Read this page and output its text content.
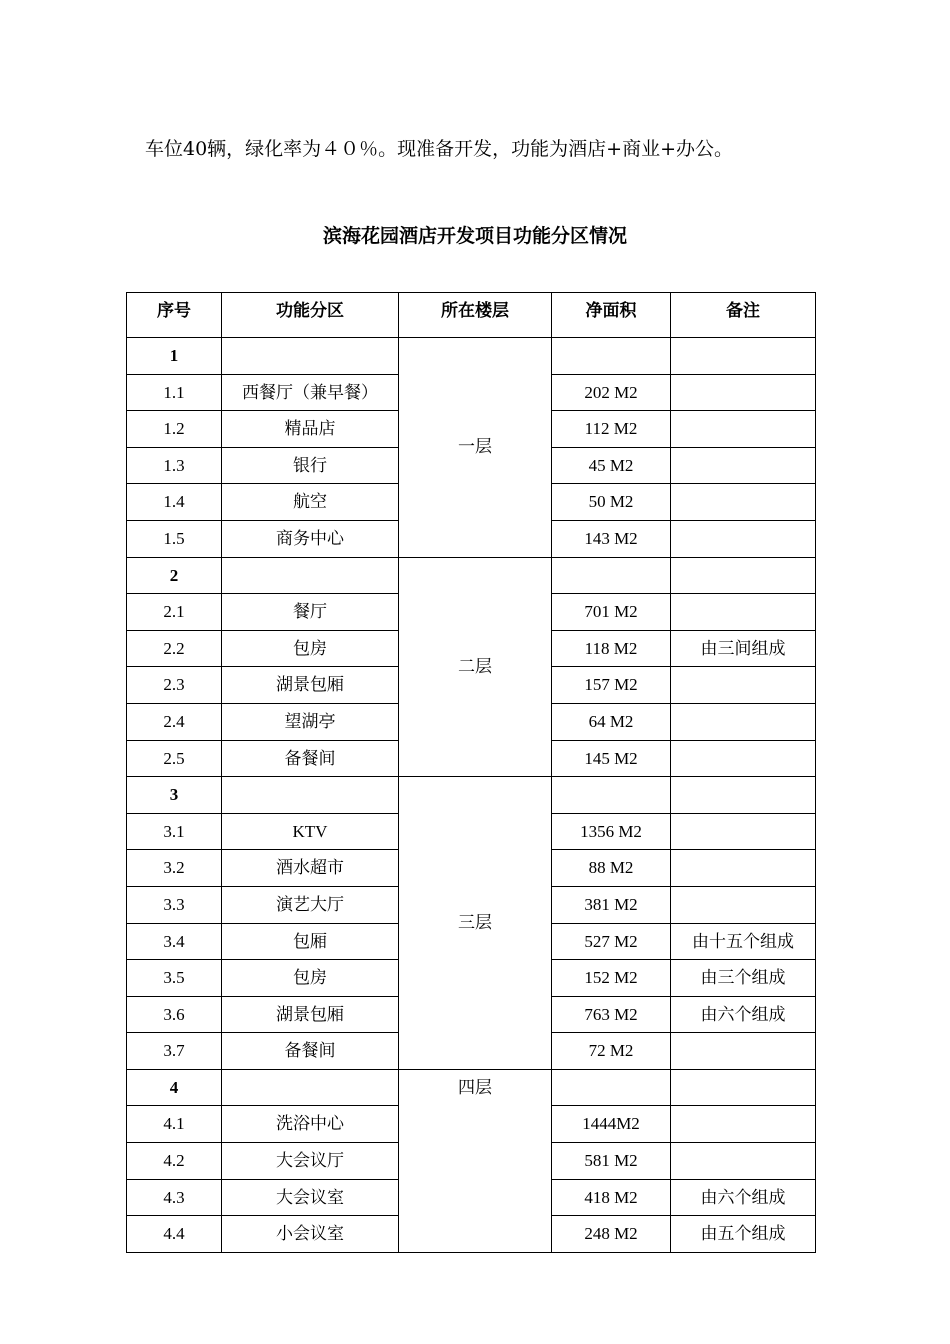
车位40辆，绿化率为４０％。现准备开发，功能为酒店+商业+办公。
滨海花园酒店开发项目功能分区情况
序号	功能分区	所在楼层	净面积	备注
1		一层		
1.1	西餐厅（兼早餐）		202 M2	
1.2	精品店		112 M2	
1.3	银行		45 M2	
1.4	航空		50 M2	
1.5	商务中心		143 M2	
2		二层		
2.1	餐厅		701 M2	
2.2	包房		118 M2	由三间组成
2.3	湖景包厢		157 M2	
2.4	望湖亭		64 M2	
2.5	备餐间		145 M2	
3		三层		
3.1	KTV		1356 M2	
3.2	酒水超市		88 M2	
3.3	演艺大厅		381 M2	
3.4	包厢		527 M2	由十五个组成
3.5	包房		152 M2	由三个组成
3.6	湖景包厢		763 M2	由六个组成
3.7	备餐间		72 M2	
4		四层		
4.1	洗浴中心		1444M2	
4.2	大会议厅		581 M2	
4.3	大会议室		418 M2	由六个组成
4.4	小会议室		248 M2	由五个组成
